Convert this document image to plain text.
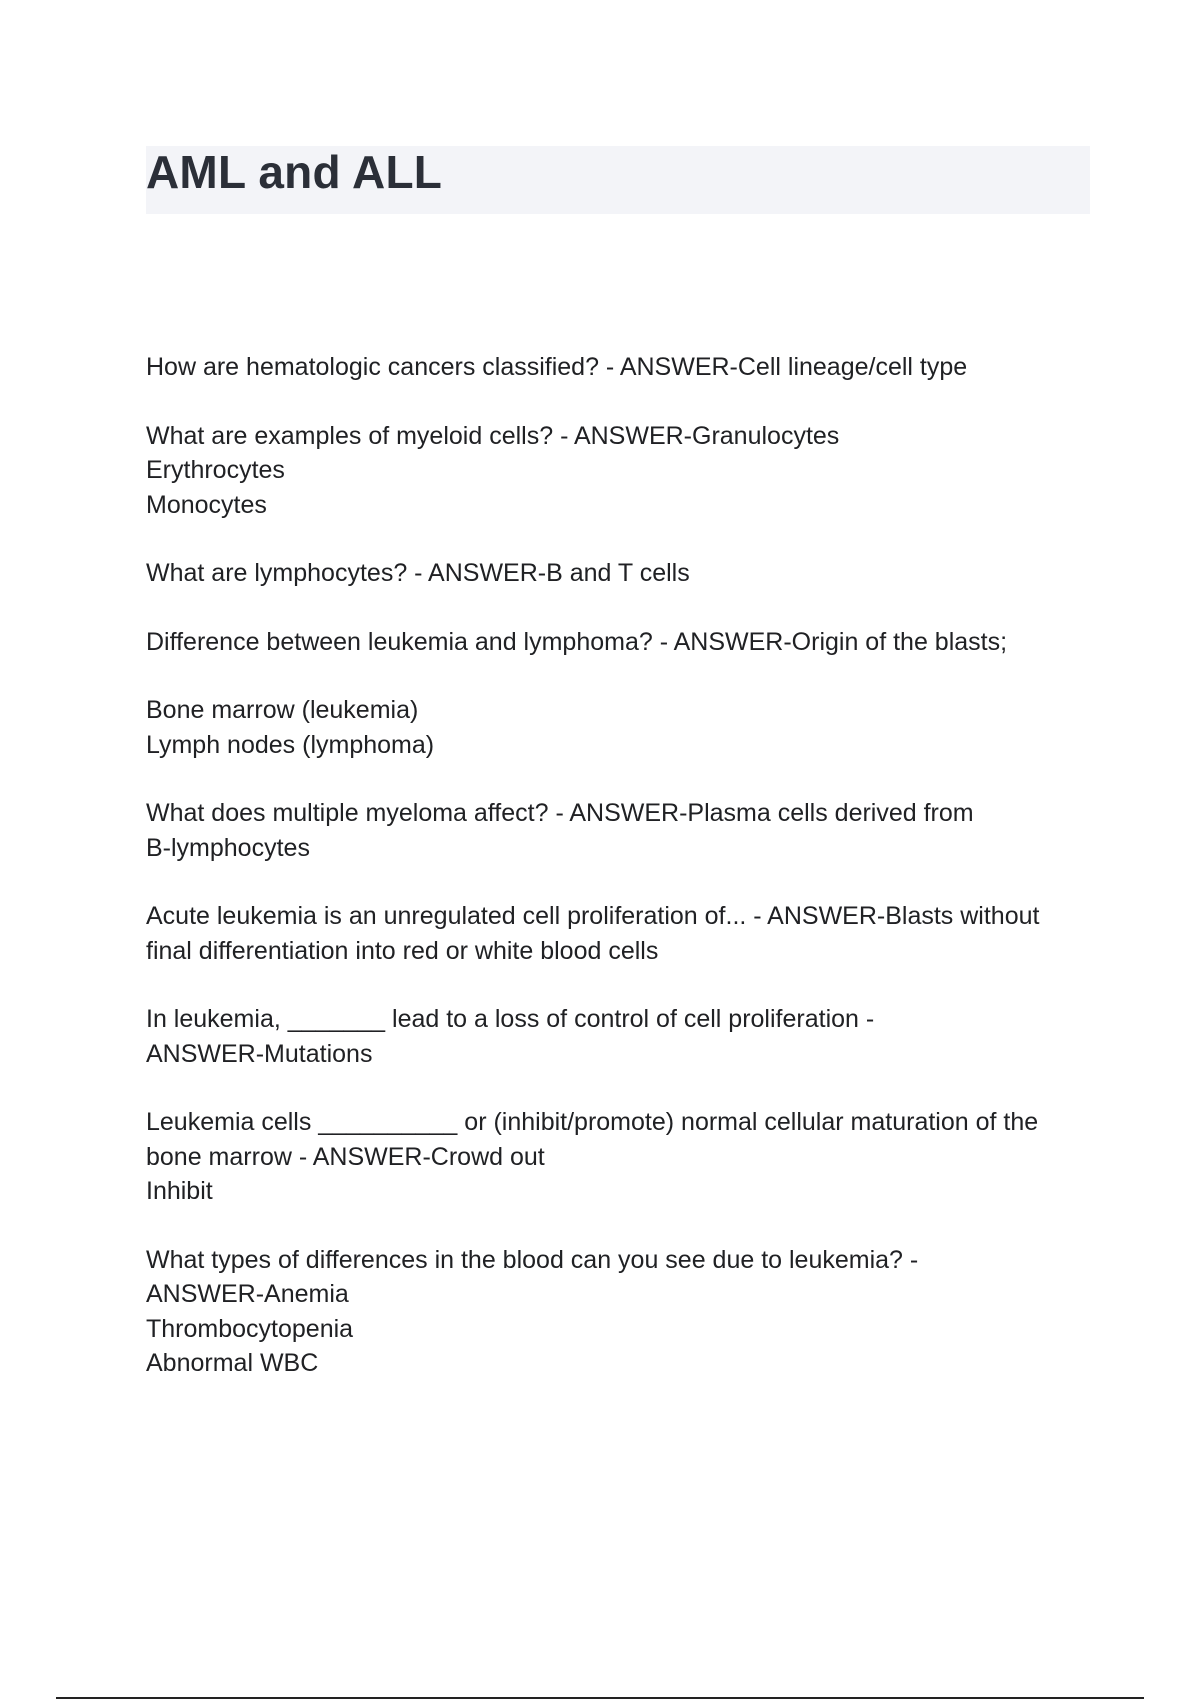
AML and ALL

How are hematologic cancers classified? - ANSWER-Cell lineage/cell type

What are examples of myeloid cells? - ANSWER-Granulocytes
Erythrocytes
Monocytes

What are lymphocytes? - ANSWER-B and T cells

Difference between leukemia and lymphoma? - ANSWER-Origin of the blasts;

Bone marrow (leukemia)
Lymph nodes (lymphoma)

What does multiple myeloma affect? - ANSWER-Plasma cells derived from
B-lymphocytes

Acute leukemia is an unregulated cell proliferation of... - ANSWER-Blasts without
final differentiation into red or white blood cells

In leukemia, _______ lead to a loss of control of cell proliferation -
ANSWER-Mutations

Leukemia cells __________ or (inhibit/promote) normal cellular maturation of the
bone marrow - ANSWER-Crowd out
Inhibit

What types of differences in the blood can you see due to leukemia? -
ANSWER-Anemia
Thrombocytopenia
Abnormal WBC
